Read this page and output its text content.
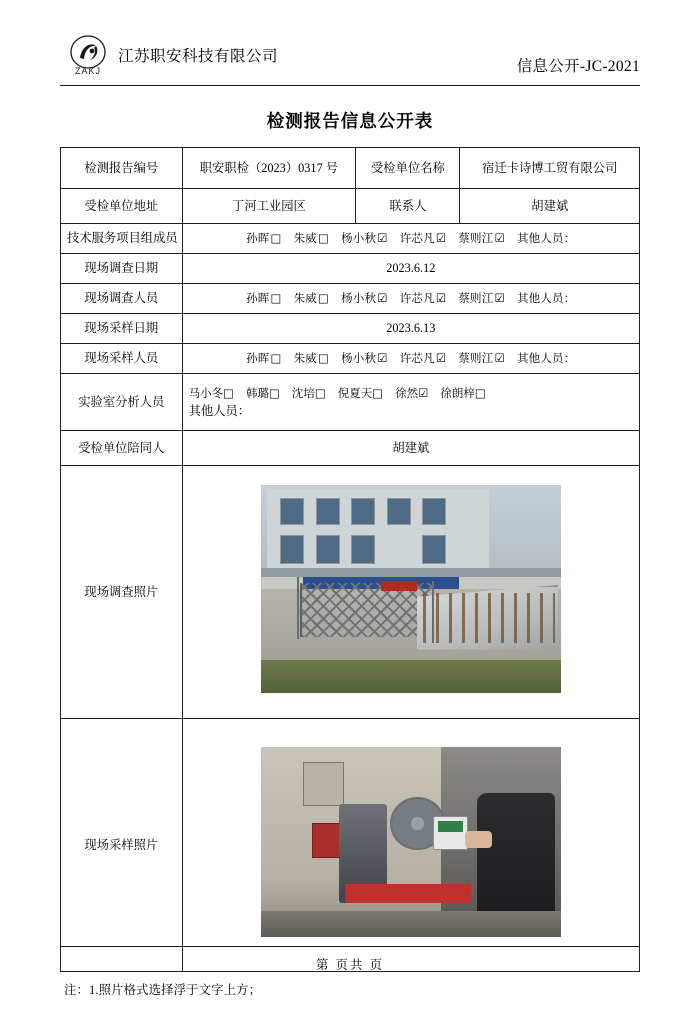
ZAKJ
江苏职安科技有限公司
信息公开-JC-2021
检测报告信息公开表
检测报告编号	职安职检（2023）0317 号	受检单位名称	宿迁卡诗博工贸有限公司
受检单位地址	丁河工业园区	联系人	胡建斌
技术服务项目组成员	孙晖□ 朱威□ 杨小秋☑ 许芯凡☑ 蔡则江☑ 其他人员：		
现场调查日期	2023.6.12		
现场调查人员	孙晖□ 朱威□ 杨小秋☑ 许芯凡☑ 蔡则江☑ 其他人员：		
现场采样日期	2023.6.13		
现场采样人员	孙晖□ 朱威□ 杨小秋☑ 许芯凡☑ 蔡则江☑ 其他人员：		
实验室分析人员	马小冬□ 韩璐□ 沈培□ 倪夏天□ 徐然☑ 徐朗梓□
其他人员：		

受检单位陪同人	胡建斌		
现场调查照片			

现场采样照片			
注：1.照片格式选择浮于文字上方；
第 页共 页
